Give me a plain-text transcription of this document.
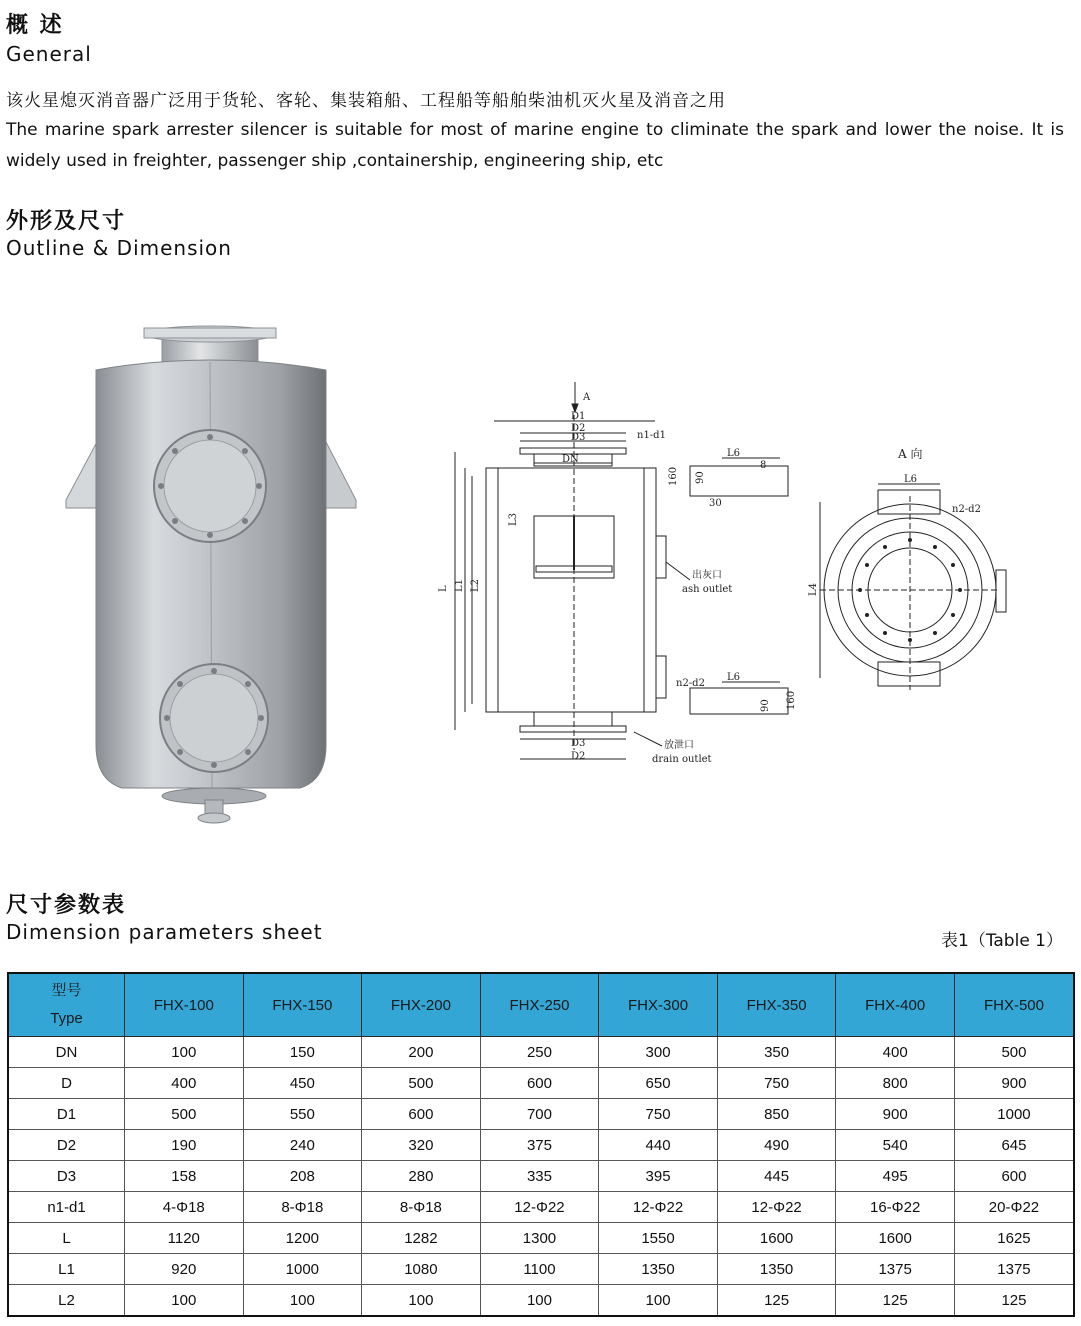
概 述
General
该火星熄灭消音器广泛用于货轮、客轮、集装箱船、工程船等船舶柴油机灭火星及消音之用
The marine spark arrester silencer is suitable for most of marine engine to climinate the spark and lower the noise. It is widely used in freighter, passenger ship ,containership, engineering ship, etc
外形及尺寸
Outline & Dimension
A
D1
D2
D3	n1-d1
DN
D3
D2
L L1 L2
L3
出灰口
ash outlet
放泄口
drain outlet
L6
160 90
30
8
L6
n2-d2
160
90
A 向
L6
n2-d2
L4
尺寸参数表
Dimension parameters sheet	表1（Table 1）
型号
Type	FHX-100	FHX-150	FHX-200	FHX-250	FHX-300	FHX-350	FHX-400	FHX-500
DN	100	150	200	250	300	350	400	500
D	400	450	500	600	650	750	800	900
D1	500	550	600	700	750	850	900	1000
D2	190	240	320	375	440	490	540	645
D3	158	208	280	335	395	445	495	600
n1-d1	4-Φ18	8-Φ18	8-Φ18	12-Φ22	12-Φ22	12-Φ22	16-Φ22	20-Φ22
L	1120	1200	1282	1300	1550	1600	1600	1625
L1	920	1000	1080	1100	1350	1350	1375	1375
L2	100	100	100	100	100	125	125	125
